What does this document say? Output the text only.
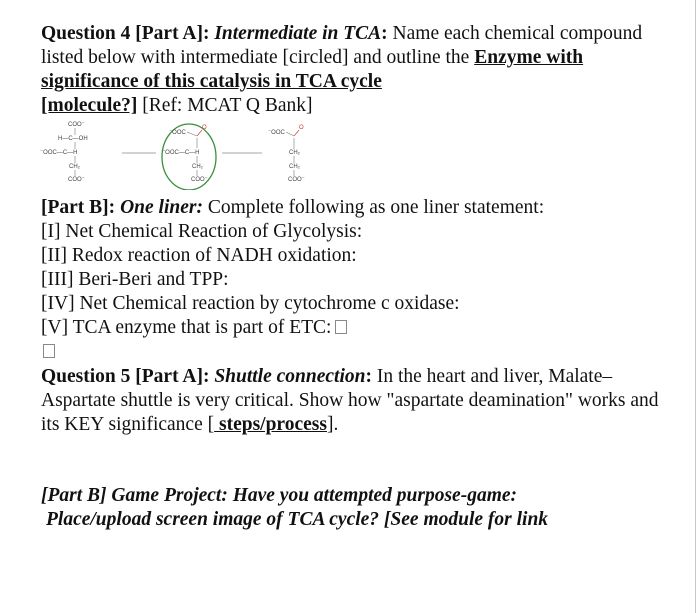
Question 4 [Part A]: Intermediate in TCA: Name each chemical compound listed below with intermediate [circled] and outline the Enzyme with significance of this catalysis in TCA cycle
[molecule?] [Ref: MCAT Q Bank]
COO⁻
H—C—OH
⁻OOC—C—H
CH₂
COO⁻
⁻OOC
O
⁻OOC—C—H
CH₂
COO⁻
⁻OOC
O
CH₂
CH₂
COO⁻
[Part B]: One liner: Complete following as one liner statement:
[I] Net Chemical Reaction of Glycolysis:
[II] Redox reaction of NADH oxidation:
[III] Beri-Beri and TPP:
[IV] Net Chemical reaction by cytochrome c oxidase:
[V] TCA enzyme that is part of ETC:
Question 5 [Part A]: Shuttle connection: In the heart and liver, Malate–Aspartate shuttle is very critical. Show how "aspartate deamination" works and its KEY significance [ steps/process].
[Part B] Game Project: Have you attempted purpose-game:
Place/upload screen image of TCA cycle? [See module for link
